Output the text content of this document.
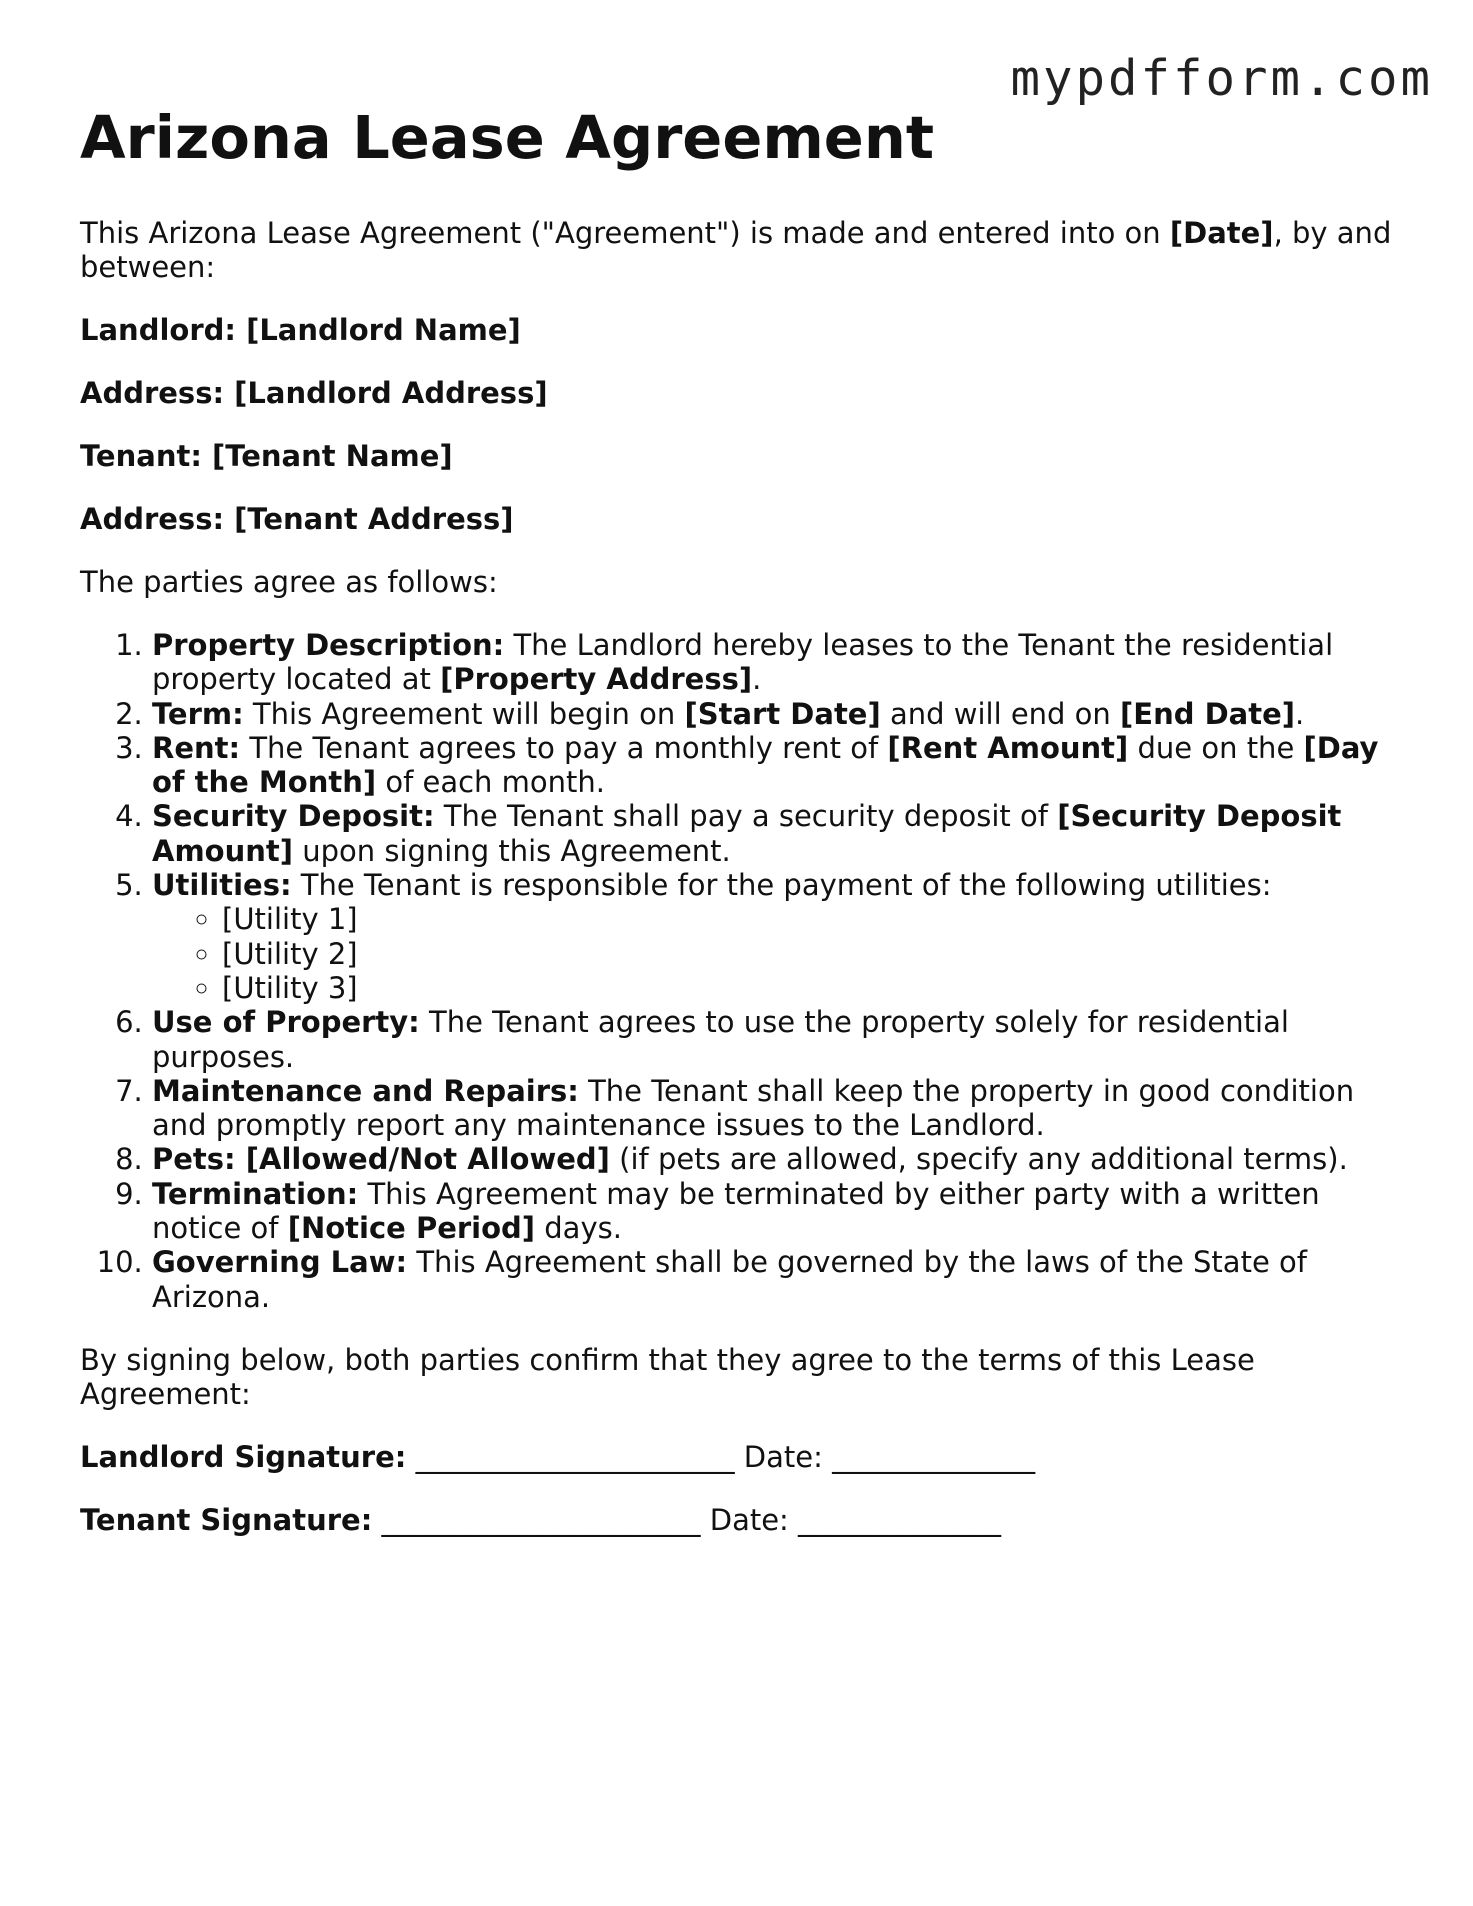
mypdfform.com
Arizona Lease Agreement

This Arizona Lease Agreement ("Agreement") is made and entered into on [Date], by and between:

Landlord: [Landlord Name]

Address: [Landlord Address]

Tenant: [Tenant Name]

Address: [Tenant Address]

The parties agree as follows:

1. Property Description: The Landlord hereby leases to the Tenant the residential property located at [Property Address].
2. Term: This Agreement will begin on [Start Date] and will end on [End Date].
3. Rent: The Tenant agrees to pay a monthly rent of [Rent Amount] due on the [Day of the Month] of each month.
4. Security Deposit: The Tenant shall pay a security deposit of [Security Deposit Amount] upon signing this Agreement.
5. Utilities: The Tenant is responsible for the payment of the following utilities:
◦ [Utility 1]
◦ [Utility 2]
◦ [Utility 3]
6. Use of Property: The Tenant agrees to use the property solely for residential purposes.
7. Maintenance and Repairs: The Tenant shall keep the property in good condition and promptly report any maintenance issues to the Landlord.
8. Pets: [Allowed/Not Allowed] (if pets are allowed, specify any additional terms).
9. Termination: This Agreement may be terminated by either party with a written notice of [Notice Period] days.
10. Governing Law: This Agreement shall be governed by the laws of the State of Arizona.

By signing below, both parties confirm that they agree to the terms of this Lease Agreement:

Landlord Signature: ______________________ Date: ______________

Tenant Signature: ______________________ Date: ______________
